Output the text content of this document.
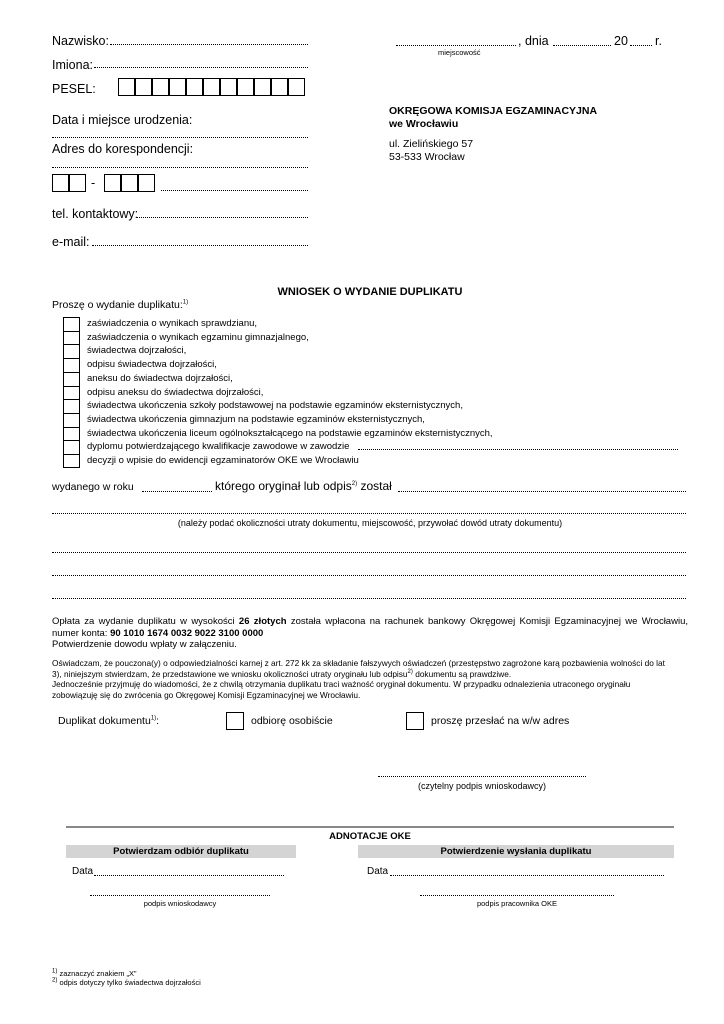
Nazwisko:
Imiona:
PESEL:
Data i miejsce urodzenia:
Adres do korespondencji:
-
tel. kontaktowy:
e-mail:
, dnia	20 r.
miejscowość
OKRĘGOWA KOMISJA EGZAMINACYJNA
we Wrocławiu
ul. Zielińskiego 57
53-533 Wrocław
WNIOSEK O WYDANIE DUPLIKATU
Proszę o wydanie duplikatu:$^{1)}$
zaświadczenia o wynikach sprawdzianu,
zaświadczenia o wynikach egzaminu gimnazjalnego,
świadectwa dojrzałości,
odpisu świadectwa dojrzałości,
aneksu do świadectwa dojrzałości,
odpisu aneksu do świadectwa dojrzałości,
świadectwa ukończenia szkoły podstawowej na podstawie egzaminów eksternistycznych,
świadectwa ukończenia gimnazjum na podstawie egzaminów eksternistycznych,
świadectwa ukończenia liceum ogólnokształcącego na podstawie egzaminów eksternistycznych,
dyplomu potwierdzającego kwalifikacje zawodowe w zawodzie
decyzji o wpisie do ewidencji egzaminatorów OKE we Wrocławiu
wydanego w roku	którego oryginał lub odpis$^{2)}$ został
(należy podać okoliczności utraty dokumentu, miejscowość, przywołać dowód utraty dokumentu)
Opłata za wydanie duplikatu w wysokości 26 złotych została wpłacona na rachunek bankowy Okręgowej Komisji Egzaminacyjnej we Wrocławiu,
numer konta: 90 1010 1674 0032 9022 3100 0000
Potwierdzenie dowodu wpłaty w załączeniu.
Oświadczam, że pouczona(y) o odpowiedzialności karnej z art. 272 kk za składanie fałszywych oświadczeń (przestępstwo zagrożone karą pozbawienia wolności do lat
3), niniejszym stwierdzam, że przedstawione we wniosku okoliczności utraty oryginału lub odpisu$^{2)}$ dokumentu są prawdziwe.
Jednocześnie przyjmuję do wiadomości, że z chwilą otrzymania duplikatu traci ważność oryginał dokumentu. W przypadku odnalezienia utraconego oryginału
zobowiązuję się do zwrócenia go Okręgowej Komisji Egzaminacyjnej we Wrocławiu.
Duplikat dokumentu$^{1)}$:	odbiorę osobiście	proszę przesłać na w/w adres
(czytelny podpis wnioskodawcy)
ADNOTACJE OKE
Potwierdzam odbiór duplikatu	Potwierdzenie wysłania duplikatu
Data	Data
podpis wnioskodawcy	podpis pracownika OKE
$^{1)}$ zaznaczyć znakiem „X”
$^{2)}$ odpis dotyczy tylko świadectwa dojrzałości
